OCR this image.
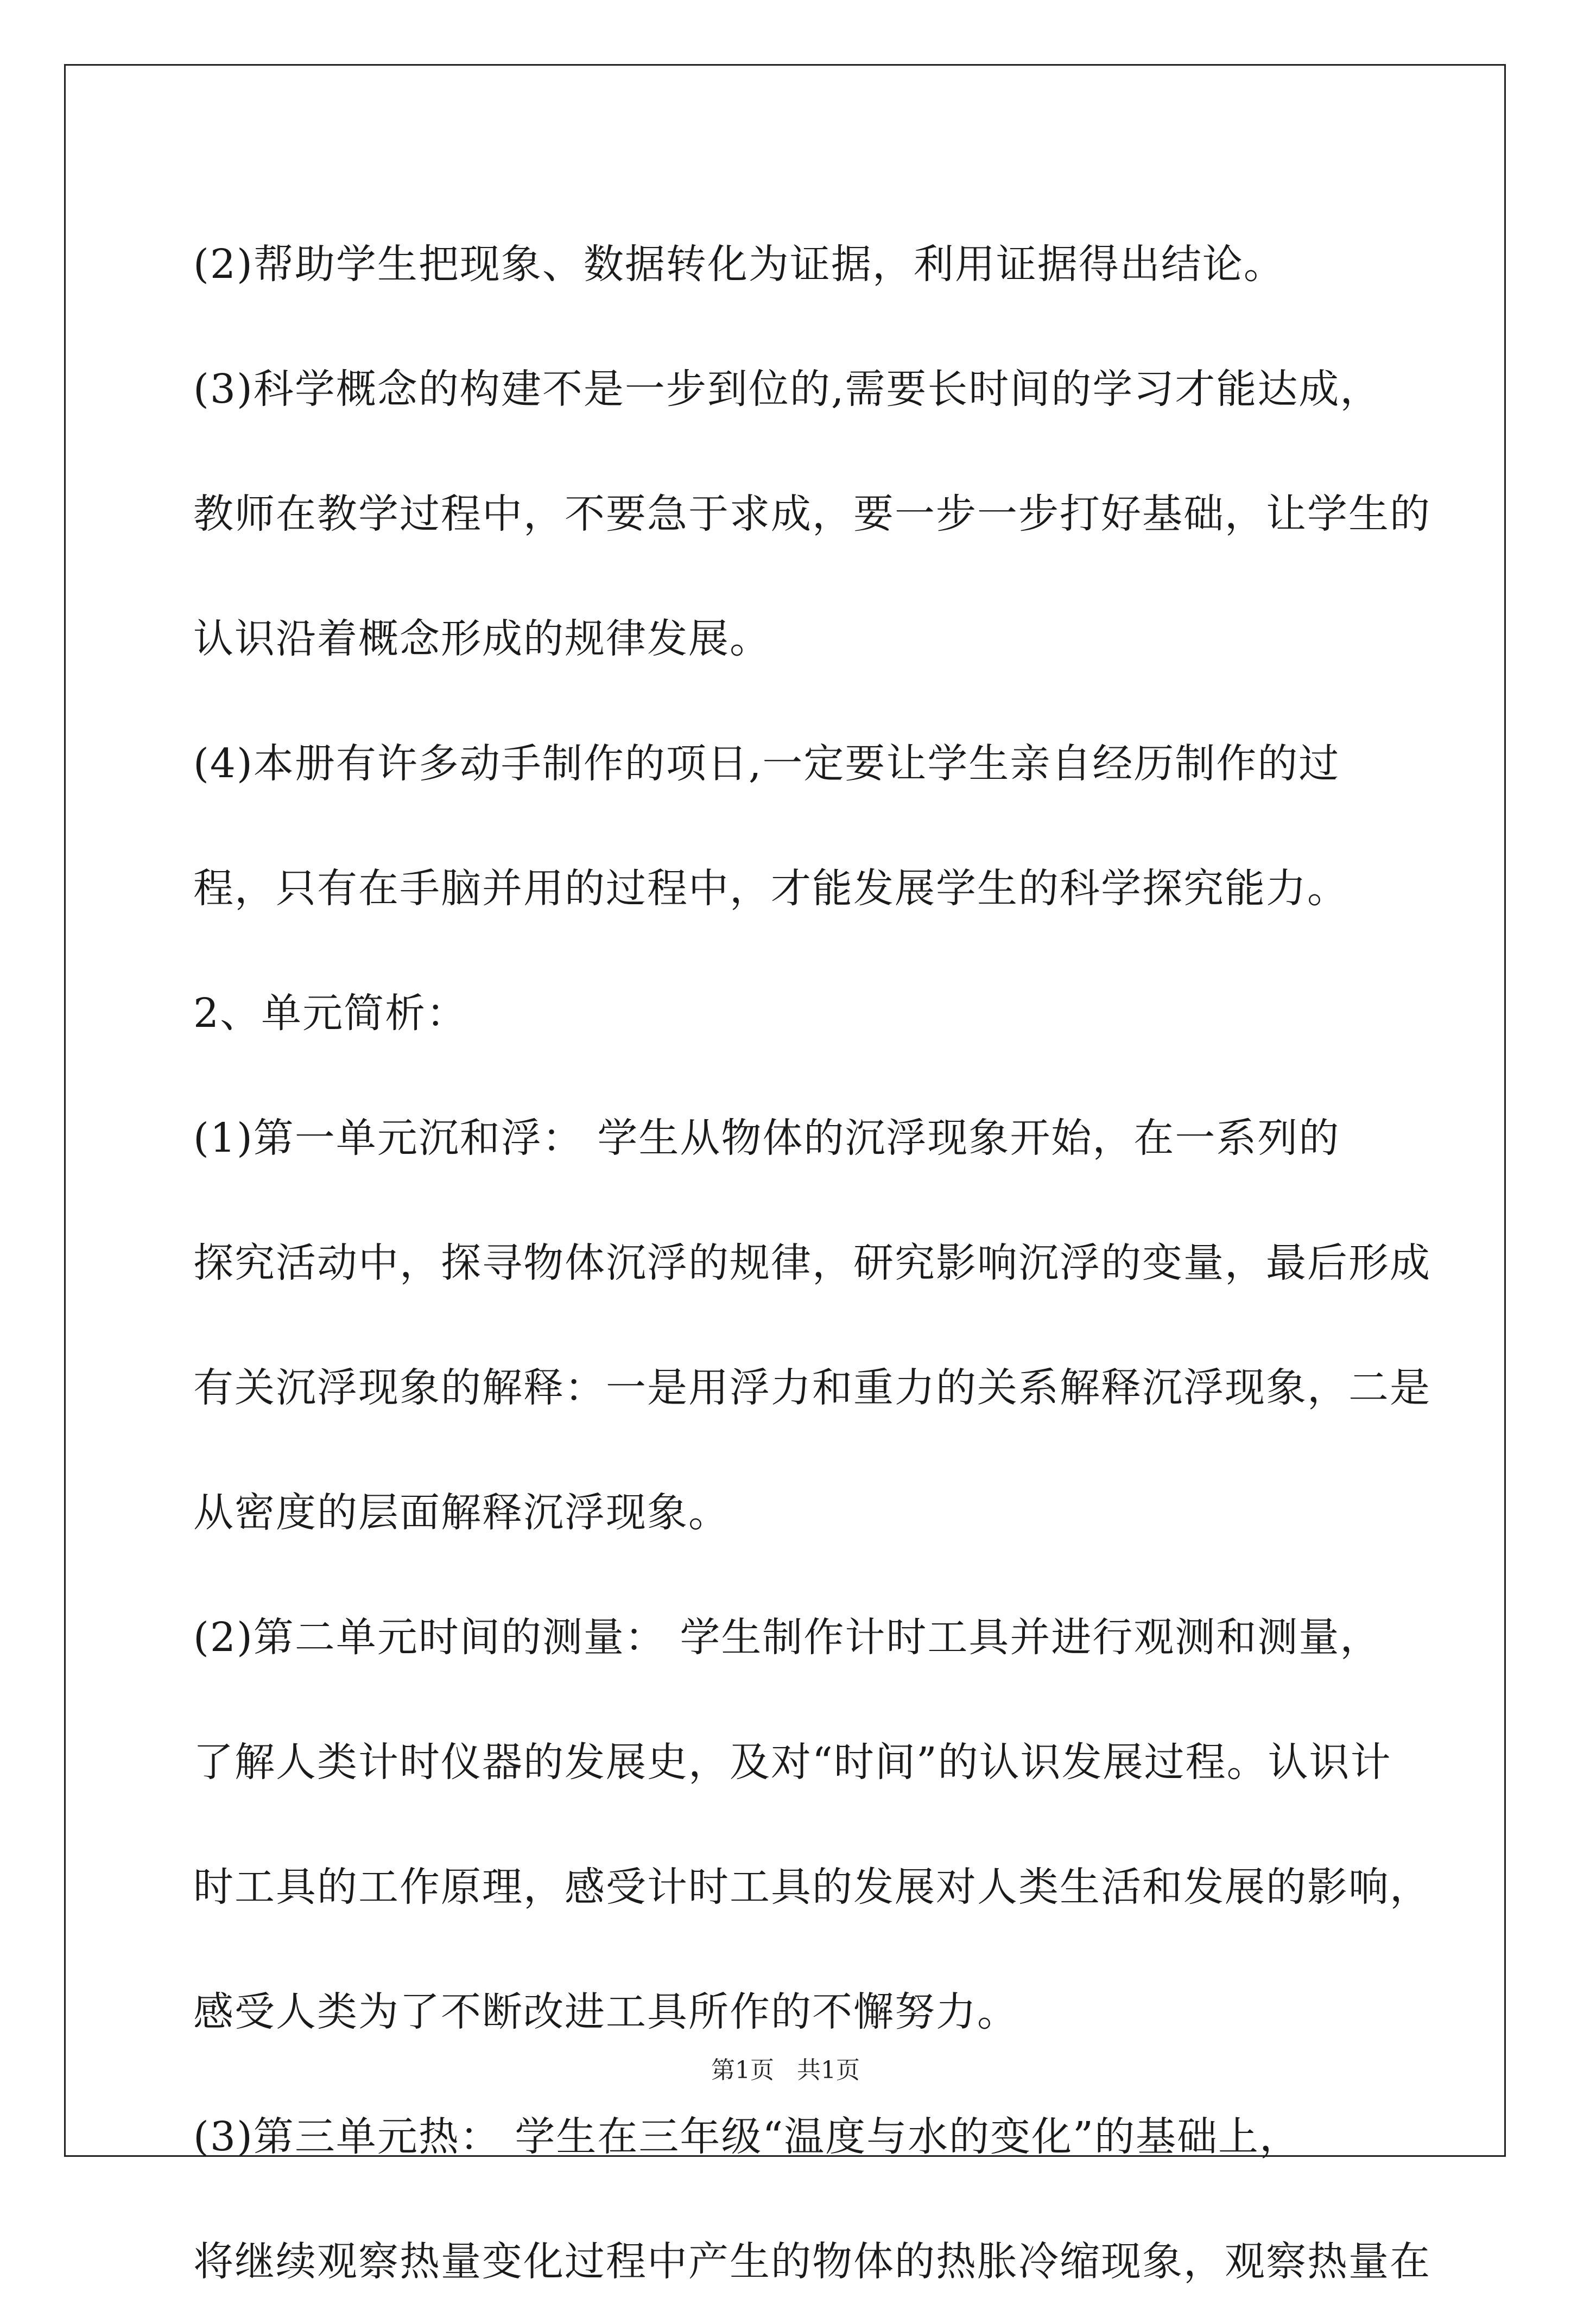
(2)帮助学生把现象、数据转化为证据，利用证据得出结论。
(3)科学概念的构建不是一步到位的,需要长时间的学习才能达成，
教师在教学过程中，不要急于求成，要一步一步打好基础，让学生的
认识沿着概念形成的规律发展。
(4)本册有许多动手制作的项日,一定要让学生亲自经历制作的过
程，只有在手脑并用的过程中，才能发展学生的科学探究能力。
2、单元简析：
(1)第一单元沉和浮： 学生从物体的沉浮现象开始，在一系列的
探究活动中，探寻物体沉浮的规律，研究影响沉浮的变量，最后形成
有关沉浮现象的解释：一是用浮力和重力的关系解释沉浮现象，二是
从密度的层面解释沉浮现象。
(2)第二单元时间的测量： 学生制作计时工具并进行观测和测量，
了解人类计时仪器的发展史，及对“时间”的认识发展过程。认识计
时工具的工作原理，感受计时工具的发展对人类生活和发展的影响，
感受人类为了不断改进工具所作的不懈努力。
(3)第三单元热： 学生在三年级“温度与水的变化”的基础上，
将继续观察热量变化过程中产生的物体的热胀冷缩现象，观察热量在
第1页   共1页
